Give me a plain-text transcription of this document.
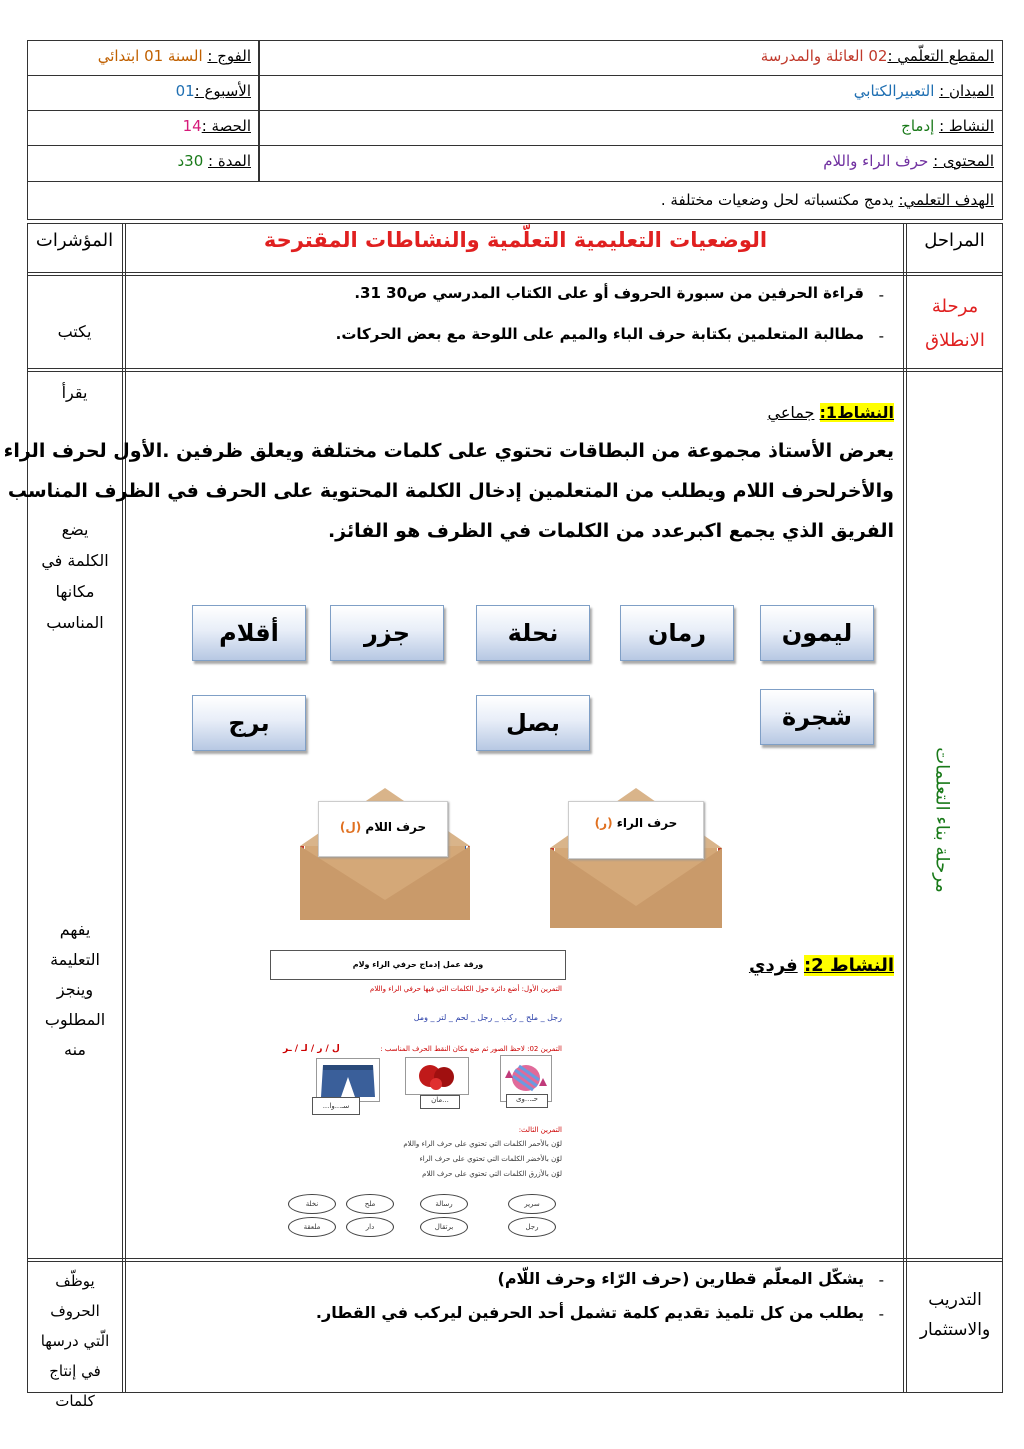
المقطع التعلّمي :02 العائلة والمدرسة
الميدان : التعبيرالكتابي
النشاط : إدماج
المحتوى : حرف الراء واللام
الهدف التعلمي: يدمج مكتسباته لحل وضعيات مختلفة .
الفوج : السنة 01 ابتدائي
الأسبوع :01
الحصة :14
المدة : 30د
المراحل
الوضعيات التعليمية التعلّمية والنشاطات المقترحة
المؤشرات
مرحلة الانطلاق
قراءة الحرفين من سبورة الحروف أو على الكتاب المدرسي ص30 31. -
مطالبة المتعلمين بكتابة حرف الباء والميم على اللوحة مع بعض الحركات. -
يكتب
مرحلة بناء التعلمات
يقرأ
يضع الكلمة في مكانها المناسب
يفهم التعليمة وينجز المطلوب منه
النشاط1: جماعي
يعرض الأستاذ مجموعة من البطاقات تحتوي على كلمات مختلفة ويعلق ظرفين .الأول لحرف الراء
والأخرلحرف اللام ويطلب من المتعلمين إدخال الكلمة المحتوية على الحرف في الظرف المناسب
الفريق الذي يجمع اكبرعدد من الكلمات في الظرف هو الفائز.
ليمون
رمان
نحلة
جزر
أقلام
شجرة
بصل
برج
حرف الراء (ر)
حرف اللام (ل)
النشاط 2: فردي
ورقة عمل إدماج حرفي الراء ولام
التمرين الأول: أضع دائرة حول الكلمات التي فيها حرفي الراء واللام
رجل _ ملح _ ركب _ رجل _ لحم _ لتر _ ومل
التمرين 02: لاحظ الصور ثم ضع مكان النقط الحرف المناسب :
ل / ر / لـ / ـر
حـ...وى
...مان
سـ...وا...
التمرين الثالث:
لوّن بالأحمر الكلمات التي تحتوي على حرف الراء واللام
لوّن بالأخضر الكلمات التي تحتوي على حرف الراء
لوّن بالأزرق الكلمات التي تحتوي على حرف اللام
سرير
رسالة
ملح
نخلة
رجل
برتقال
دار
ملعقة
التدريب والاستثمار
يشكّل المعلّم قطارين (حرف الرّاء وحرف اللّام) -
يطلب من كل تلميذ تقديم كلمة تشمل أحد الحرفين ليركب في القطار. -
يوظّف الحروف الّتي درسها في إنتاج كلمات
